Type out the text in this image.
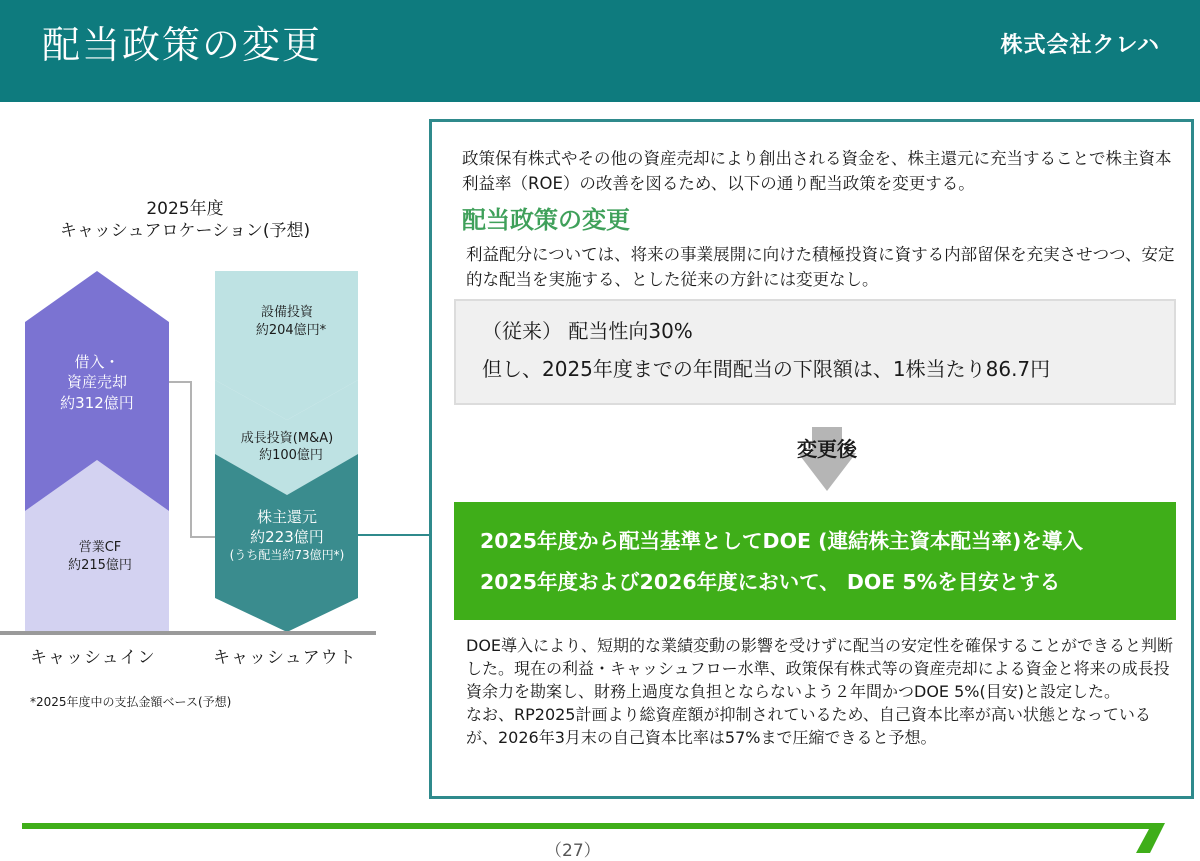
配当政策の変更	株式会社クレハ
2025年度
キャッシュアロケーション(予想)
借入・
資産売却
約312億円
営業CF
約215億円
設備投資
約204億円*
成長投資(M&A)
約100億円
株主還元
約223億円
(うち配当約73億円*)
キャッシュイン	キャッシュアウト
*2025年度中の支払金額ベース(予想)
政策保有株式やその他の資産売却により創出される資金を、株主還元に充当することで株主資本利益率（ROE）の改善を図るため、以下の通り配当政策を変更する。
配当政策の変更
利益配分については、将来の事業展開に向けた積極投資に資する内部留保を充実させつつ、安定的な配当を実施する、とした従来の方針には変更なし。
（従来） 配当性向30%
但し、2025年度までの年間配当の下限額は、1株当たり86.7円
変更後
2025年度から配当基準としてDOE (連結株主資本配当率)を導入
2025年度および2026年度において、 DOE 5%を目安とする

DOE導入により、短期的な業績変動の影響を受けずに配当の安定性を確保することができると判断した。現在の利益・キャッシュフロー水準、政策保有株式等の資産売却による資金と将来の成長投資余力を勘案し、財務上過度な負担とならないよう２年間かつDOE 5%(目安)と設定した。

なお、RP2025計画より総資産額が抑制されているため、自己資本比率が高い状態となっているが、2026年3月末の自己資本比率は57%まで圧縮できると予想。

（27）
